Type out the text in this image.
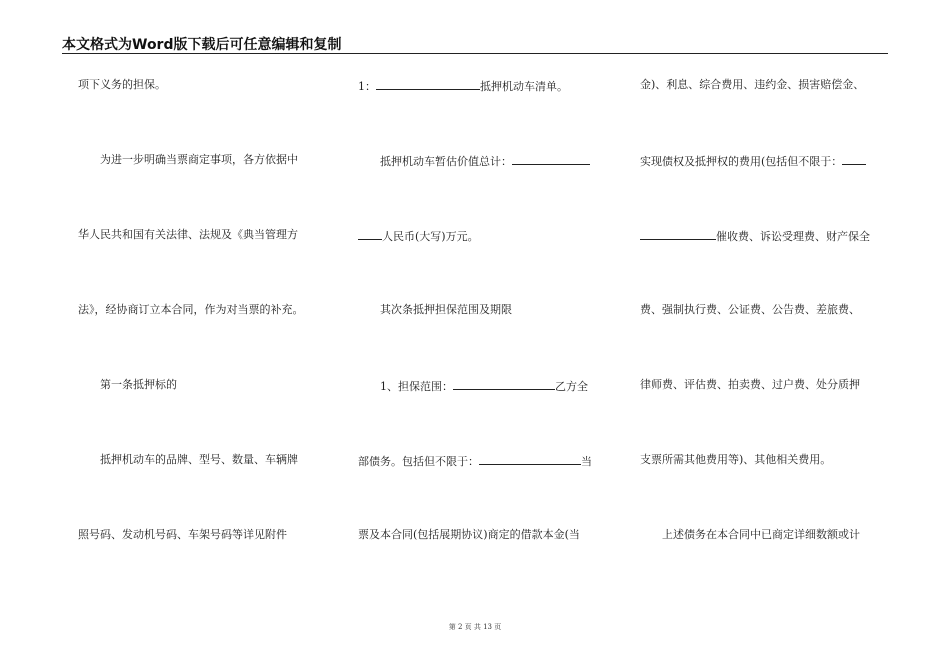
本文格式为Word版下载后可任意编辑和复制
项下义务的担保。
为进一步明确当票商定事项，各方依据中
华人民共和国有关法律、法规及《典当管理方
法》，经协商订立本合同，作为对当票的补充。
第一条抵押标的
抵押机动车的品牌、型号、数量、车辆牌
照号码、发动机号码、车架号码等详见附件
1：	抵押机动车清单。
抵押机动车暂估价值总计：
人民币(大写)万元。
其次条抵押担保范围及期限
1、担保范围：	乙方全
部债务。包括但不限于：	当
票及本合同(包括展期协议)商定的借款本金(当
金)、利息、综合费用、违约金、损害赔偿金、
实现债权及抵押权的费用(包括但不限于：
催收费、诉讼受理费、财产保全
费、强制执行费、公证费、公告费、差旅费、
律师费、评估费、拍卖费、过户费、处分质押
支票所需其他费用等)、其他相关费用。
上述债务在本合同中已商定详细数额或计
第 2 页 共 13 页
